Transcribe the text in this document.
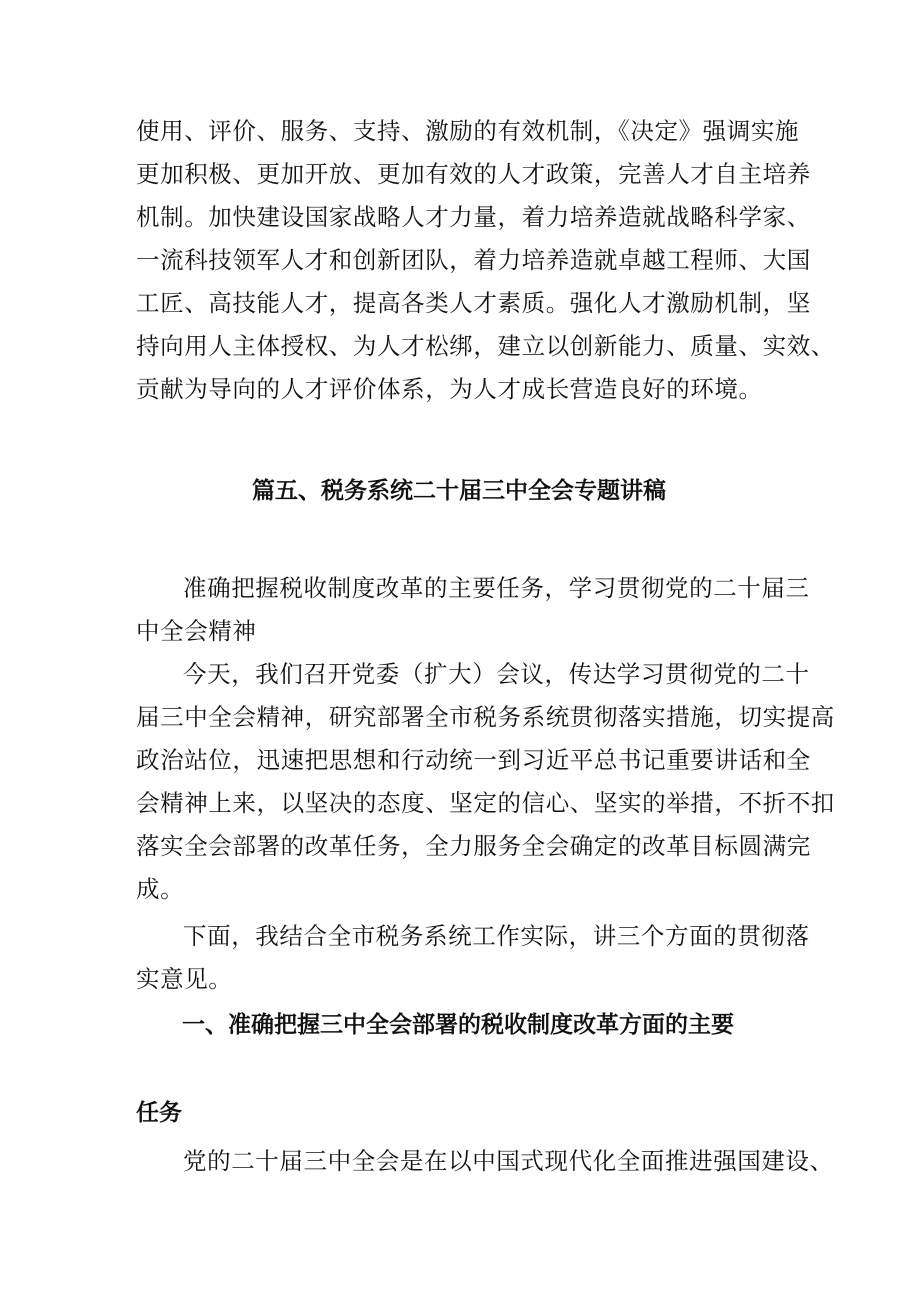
使用、评价、服务、支持、激励的有效机制，《决定》强调实施
更加积极、更加开放、更加有效的人才政策，完善人才自主培养
机制。加快建设国家战略人才力量，着力培养造就战略科学家、
一流科技领军人才和创新团队，着力培养造就卓越工程师、大国
工匠、高技能人才，提高各类人才素质。强化人才激励机制，坚
持向用人主体授权、为人才松绑，建立以创新能力、质量、实效、
贡献为导向的人才评价体系，为人才成长营造良好的环境。
篇五、税务系统二十届三中全会专题讲稿
准确把握税收制度改革的主要任务，学习贯彻党的二十届三
中全会精神
今天，我们召开党委（扩大）会议，传达学习贯彻党的二十
届三中全会精神，研究部署全市税务系统贯彻落实措施，切实提高
政治站位，迅速把思想和行动统一到习近平总书记重要讲话和全
会精神上来，以坚决的态度、坚定的信心、坚实的举措，不折不扣
落实全会部署的改革任务，全力服务全会确定的改革目标圆满完
成。
下面，我结合全市税务系统工作实际，讲三个方面的贯彻落
实意见。
一、准确把握三中全会部署的税收制度改革方面的主要
任务
党的二十届三中全会是在以中国式现代化全面推进强国建设、
